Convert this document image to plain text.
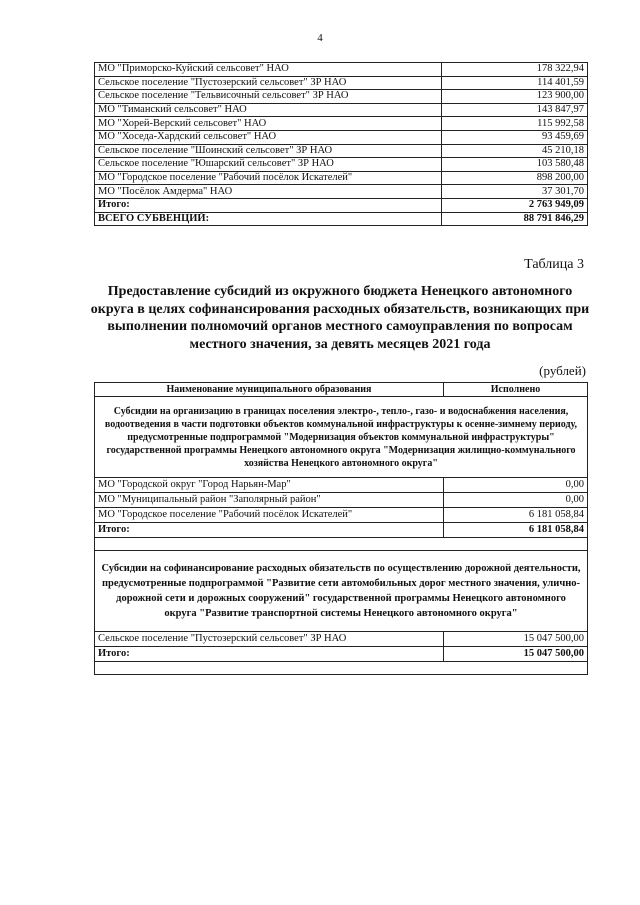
4
МО "Приморско-Куйский сельсовет" НАО	178 322,94
Сельское поселение "Пустозерский сельсовет" ЗР НАО	114 401,59
Сельское поселение "Тельвисочный сельсовет" ЗР НАО	123 900,00
МО "Тиманский сельсовет" НАО	143 847,97
МО "Хорей-Верский сельсовет" НАО	115 992,58
МО "Хоседа-Хардский сельсовет" НАО	93 459,69
Сельское поселение "Шоинский сельсовет" ЗР НАО	45 210,18
Сельское поселение "Юшарский сельсовет" ЗР НАО	103 580,48
МО "Городское поселение "Рабочий посёлок Искателей"	898 200,00
МО "Посёлок Амдерма" НАО	37 301,70
Итого:	2 763 949,09
ВСЕГО СУБВЕНЦИЙ:	88 791 846,29
Таблица 3
Предоставление субсидий из окружного бюджета Ненецкого автономного округа в целях софинансирования расходных обязательств, возникающих при выполнении полномочий органов местного самоуправления по вопросам местного значения, за девять месяцев 2021 года
(рублей)
Наименование муниципального образования	Исполнено
Субсидии на организацию в границах поселения электро-, тепло-, газо- и водоснабжения населения, водоотведения в части подготовки объектов коммунальной инфраструктуры к осенне-зимнему периоду, предусмотренные подпрограммой "Модернизация объектов коммунальной инфраструктуры" государственной программы Ненецкого автономного округа "Модернизация жилищно-коммунального хозяйства Ненецкого автономного округа"	
МО "Городской округ "Город Нарьян-Мар"	0,00
МО "Муниципальный район "Заполярный район"	0,00
МО "Городское поселение "Рабочий посёлок Искателей"	6 181 058,84
Итого:	6 181 058,84

Субсидии на софинансирование расходных обязательств по осуществлению дорожной деятельности, предусмотренные подпрограммой "Развитие сети автомобильных дорог местного значения, улично-дорожной сети и дорожных сооружений" государственной программы Ненецкого автономного округа "Развитие транспортной системы Ненецкого автономного округа"	
Сельское поселение "Пустозерский сельсовет" ЗР НАО	15 047 500,00
Итого:	15 047 500,00
